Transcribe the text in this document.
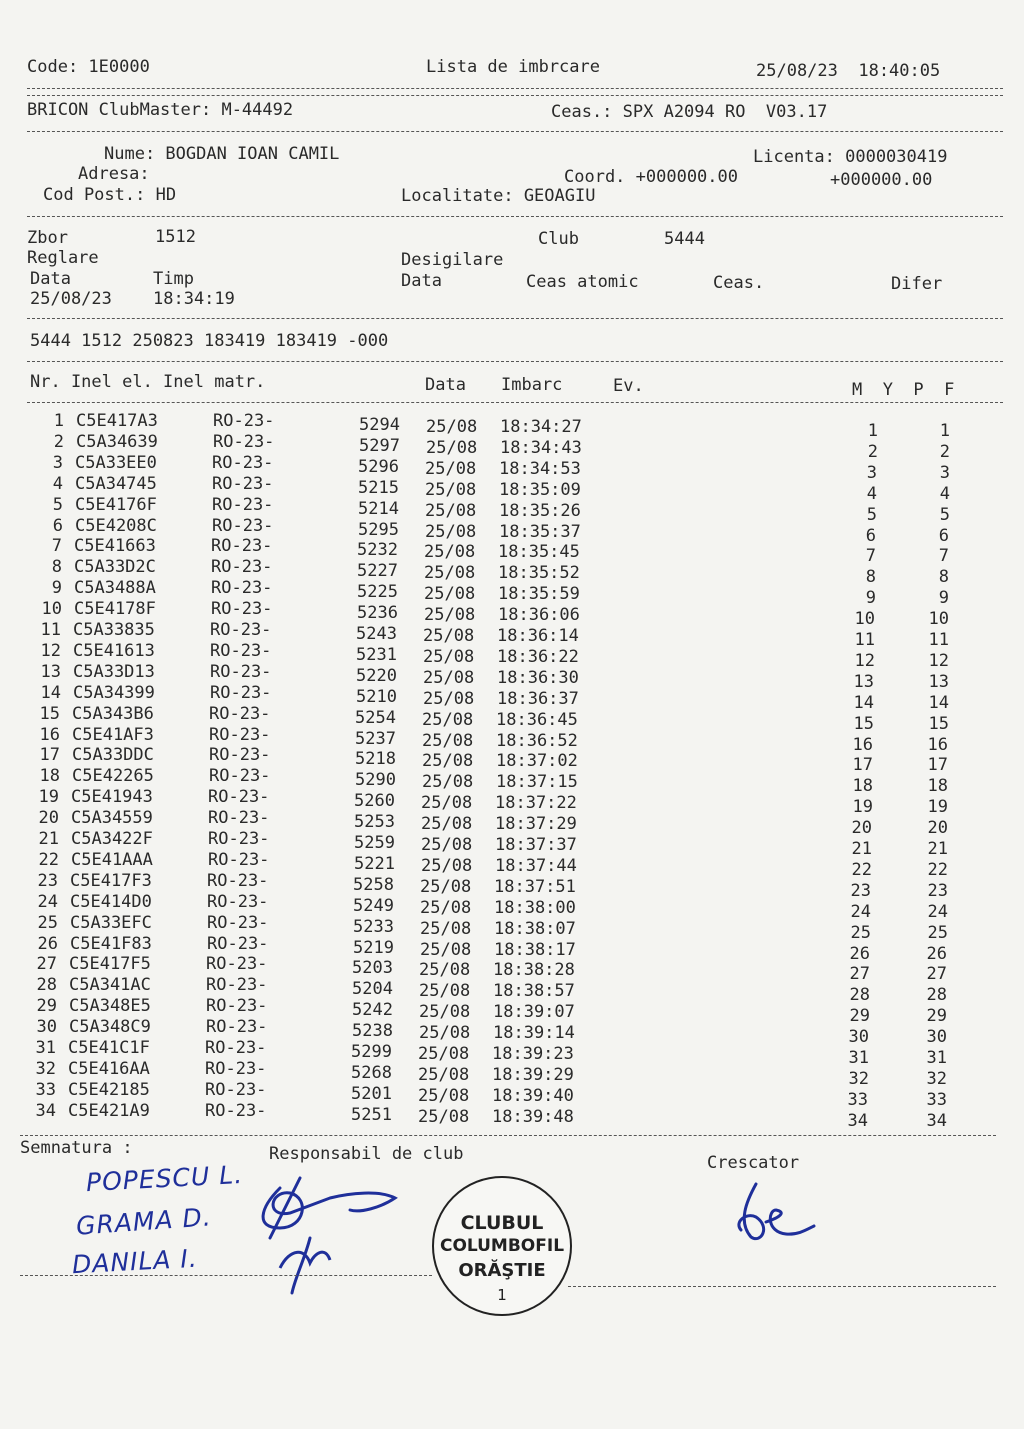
Code: 1E0000	Lista de imbrcare	25/08/23  18:40:05
BRICON ClubMaster: M-44492	Ceas.: SPX A2094 RO  V03.17
Nume: BOGDAN IOAN CAMIL	Licenta: 0000030419
Adresa:	Coord. +000000.00	+000000.00
Cod Post.: HD	Localitate: GEOAGIU
Zbor	1512	Club	5444
Reglare	Desigilare
Data	Timp	Data	Ceas atomic	Ceas.	Difer
25/08/23 18:34:19
5444 1512 250823 183419 183419 -000
Nr. Inel el. Inel matr.	Data Imbarc	Ev.	M  Y  P  F
1 C5E417A3	RO-23-	5294 25/08	18:34:27	1	1
2 C5A34639	RO-23-	5297 25/08	18:34:43	2	2
3 C5A33EE0	RO-23-	5296 25/08	18:34:53	3	3
4 C5A34745	RO-23-	5215 25/08	18:35:09	4	4
5 C5E4176F	RO-23-	5214 25/08	18:35:26	5	5
6 C5E4208C	RO-23-	5295 25/08	18:35:37	6	6
7 C5E41663	RO-23-	5232 25/08	18:35:45	7	7
8 C5A33D2C	RO-23-	5227 25/08	18:35:52	8	8
9 C5A3488A	RO-23-	5225 25/08	18:35:59	9	9
10 C5E4178F	RO-23-	5236 25/08	18:36:06	10	10
11 C5A33835	RO-23-	5243 25/08	18:36:14	11	11
12 C5E41613	RO-23-	5231 25/08	18:36:22	12	12
13 C5A33D13	RO-23-	5220 25/08	18:36:30	13	13
14 C5A34399	RO-23-	5210 25/08	18:36:37	14	14
15 C5A343B6	RO-23-	5254 25/08	18:36:45	15	15
16 C5E41AF3	RO-23-	5237 25/08	18:36:52	16	16
17 C5A33DDC	RO-23-	5218 25/08	18:37:02	17	17
18 C5E42265	RO-23-	5290 25/08	18:37:15	18	18
19 C5E41943	RO-23-	5260 25/08	18:37:22	19	19
20 C5A34559	RO-23-	5253 25/08	18:37:29	20	20
21 C5A3422F	RO-23-	5259 25/08	18:37:37	21	21
22 C5E41AAA	RO-23-	5221 25/08	18:37:44	22	22
23 C5E417F3	RO-23-	5258 25/08	18:37:51	23	23
24 C5E414D0	RO-23-	5249 25/08	18:38:00	24	24
25 C5A33EFC	RO-23-	5233 25/08	18:38:07	25	25
26 C5E41F83	RO-23-	5219 25/08	18:38:17	26	26
27 C5E417F5	RO-23-	5203 25/08	18:38:28	27	27
28 C5A341AC	RO-23-	5204 25/08	18:38:57	28	28
29 C5A348E5	RO-23-	5242 25/08	18:39:07	29	29
30 C5A348C9	RO-23-	5238 25/08	18:39:14	30	30
31 C5E41C1F	RO-23-	5299 25/08	18:39:23	31	31
32 C5E416AA	RO-23-	5268 25/08	18:39:29	32	32
33 C5E42185	RO-23-	5201 25/08	18:39:40	33	33
34 C5E421A9	RO-23-	5251 25/08	18:39:48	34	34
Semnatura :	Responsabil de club	Crescator
POPESCU L.
GRAMA D.
DANILA I.
CLUBUL
COLUMBOFIL
ORĂŞTIE
1
